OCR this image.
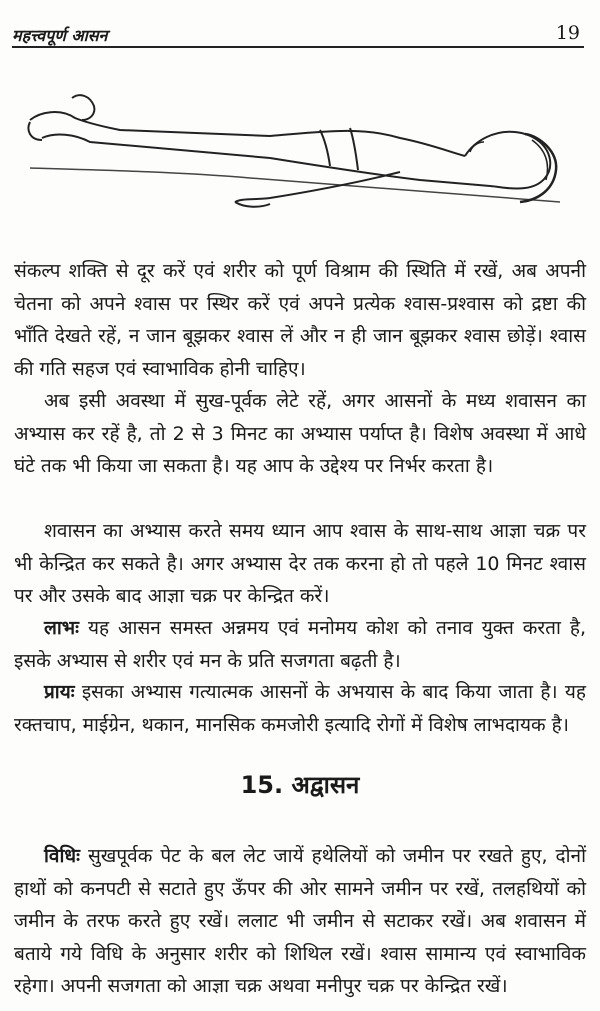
महत्त्वपूर्ण आसन	19

संकल्प शक्ति से दूर करें एवं शरीर को पूर्ण विश्राम की स्थिति में रखें, अब अपनी चेतना को अपने श्वास पर स्थिर करें एवं अपने प्रत्येक श्वास-प्रश्वास को द्रष्टा की भाँति देखते रहें, न जान बूझकर श्वास लें और न ही जान बूझकर श्वास छोड़ें। श्वास की गति सहज एवं स्वाभाविक होनी चाहिए।

अब इसी अवस्था में सुख-पूर्वक लेटे रहें, अगर आसनों के मध्य शवासन का अभ्यास कर रहें है, तो 2 से 3 मिनट का अभ्यास पर्याप्त है। विशेष अवस्था में आधे घंटे तक भी किया जा सकता है। यह आप के उद्देश्य पर निर्भर करता है।

शवासन का अभ्यास करते समय ध्यान आप श्वास के साथ-साथ आज्ञा चक्र पर भी केन्द्रित कर सकते है। अगर अभ्यास देर तक करना हो तो पहले 10 मिनट श्वास पर और उसके बाद आज्ञा चक्र पर केन्द्रित करें।

लाभः यह आसन समस्त अन्नमय एवं मनोमय कोश को तनाव युक्त करता है, इसके अभ्यास से शरीर एवं मन के प्रति सजगता बढ़ती है।

प्रायः इसका अभ्यास गत्यात्मक आसनों के अभयास के बाद किया जाता है। यह रक्तचाप, माईग्रेन, थकान, मानसिक कमजोरी इत्यादि रोगों में विशेष लाभदायक है।

15. अद्वासन

विधिः सुखपूर्वक पेट के बल लेट जायें हथेलियों को जमीन पर रखते हुए, दोनों हाथों को कनपटी से सटाते हुए ऊँपर की ओर सामने जमीन पर रखें, तलहथियों को जमीन के तरफ करते हुए रखें। ललाट भी जमीन से सटाकर रखें। अब शवासन में बताये गये विधि के अनुसार शरीर को शिथिल रखें। श्वास सामान्य एवं स्वाभाविक रहेगा। अपनी सजगता को आज्ञा चक्र अथवा मनीपुर चक्र पर केन्द्रित रखें।
